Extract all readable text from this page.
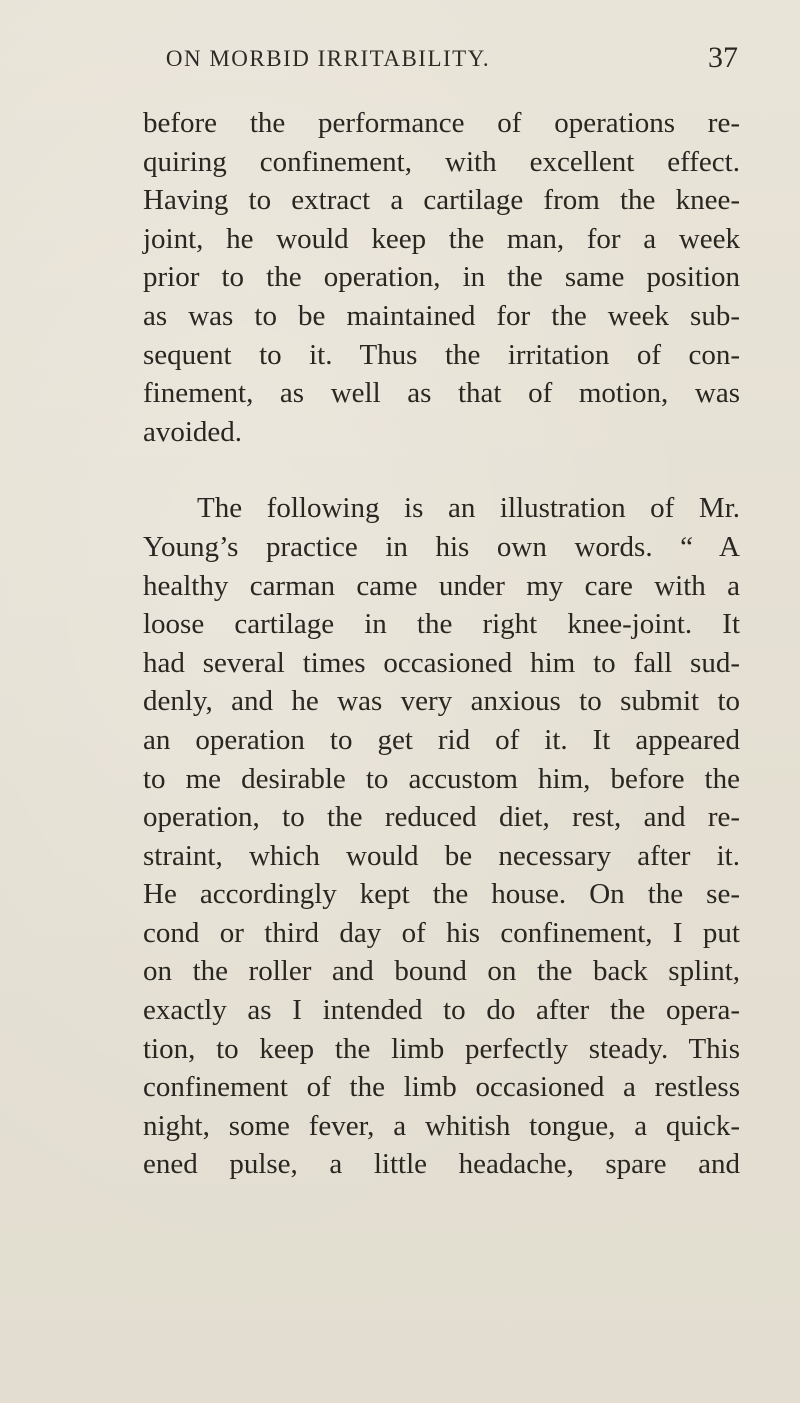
ON MORBID IRRITABILITY.	37
before the performance of operations re-
quiring confinement, with excellent effect.
Having to extract a cartilage from the knee-
joint, he would keep the man, for a week
prior to the operation, in the same position
as was to be maintained for the week sub-
sequent to it. Thus the irritation of con-
finement, as well as that of motion, was
avoided.
The following is an illustration of Mr.
Young’s practice in his own words. “ A
healthy carman came under my care with a
loose cartilage in the right knee-joint. It
had several times occasioned him to fall sud-
denly, and he was very anxious to submit to
an operation to get rid of it. It appeared
to me desirable to accustom him, before the
operation, to the reduced diet, rest, and re-
straint, which would be necessary after it.
He accordingly kept the house. On the se-
cond or third day of his confinement, I put
on the roller and bound on the back splint,
exactly as I intended to do after the opera-
tion, to keep the limb perfectly steady. This
confinement of the limb occasioned a restless
night, some fever, a whitish tongue, a quick-
ened pulse, a little headache, spare and
